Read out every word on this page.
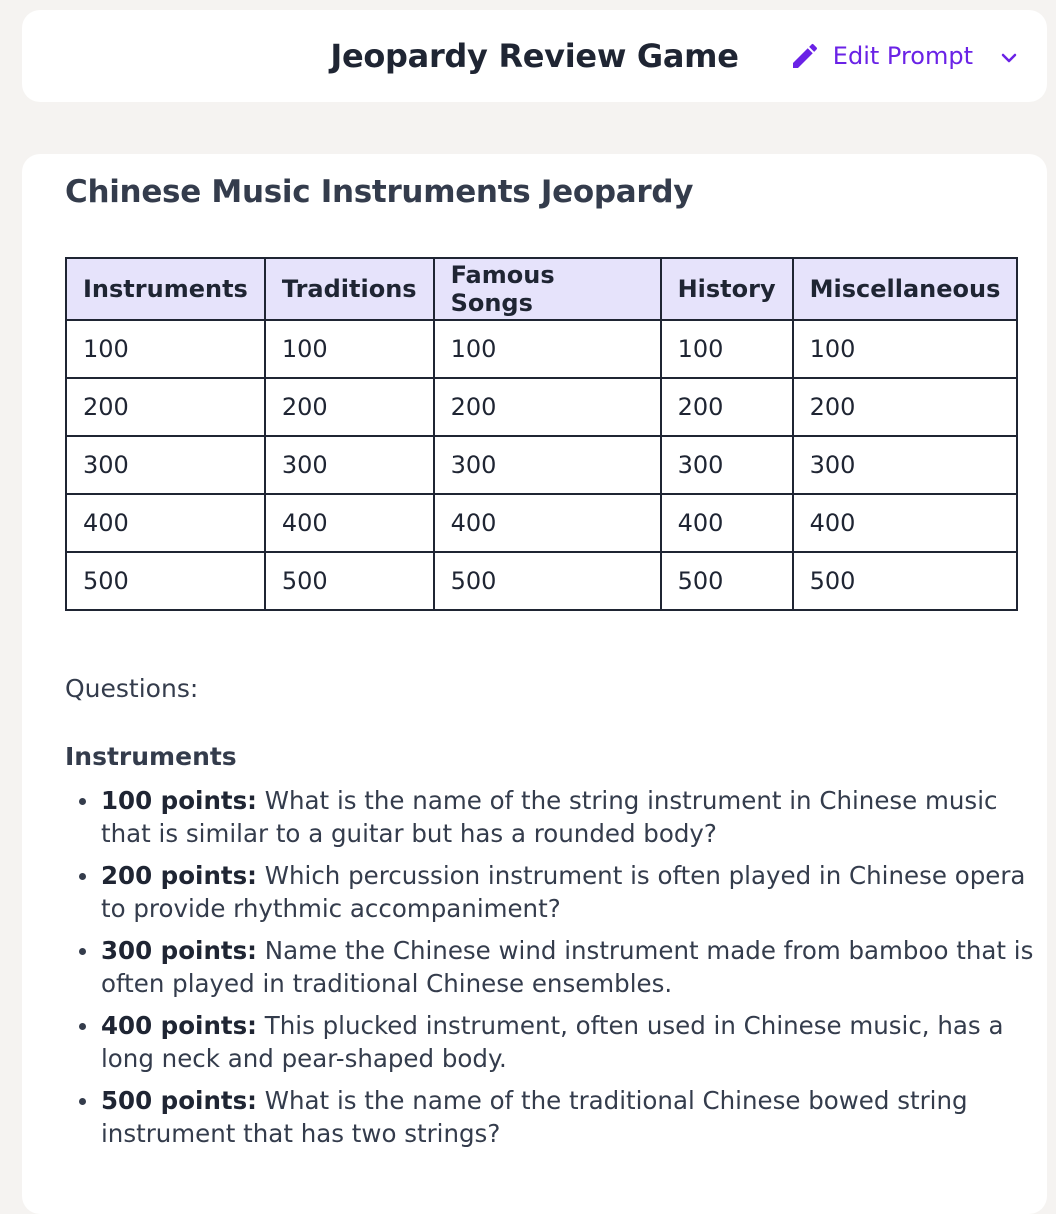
Jeopardy Review Game	Edit Prompt
Chinese Music Instruments Jeopardy
Instruments	Traditions	Famous Songs	History	Miscellaneous
100	100	100	100	100
200	200	200	200	200
300	300	300	300	300
400	400	400	400	400
500	500	500	500	500
Questions:
Instruments
100 points: What is the name of the string instrument in Chinese music that is similar to a guitar but has a rounded body?
200 points: Which percussion instrument is often played in Chinese opera to provide rhythmic accompaniment?
300 points: Name the Chinese wind instrument made from bamboo that is often played in traditional Chinese ensembles.
400 points: This plucked instrument, often used in Chinese music, has a long neck and pear-shaped body.
500 points: What is the name of the traditional Chinese bowed string instrument that has two strings?
